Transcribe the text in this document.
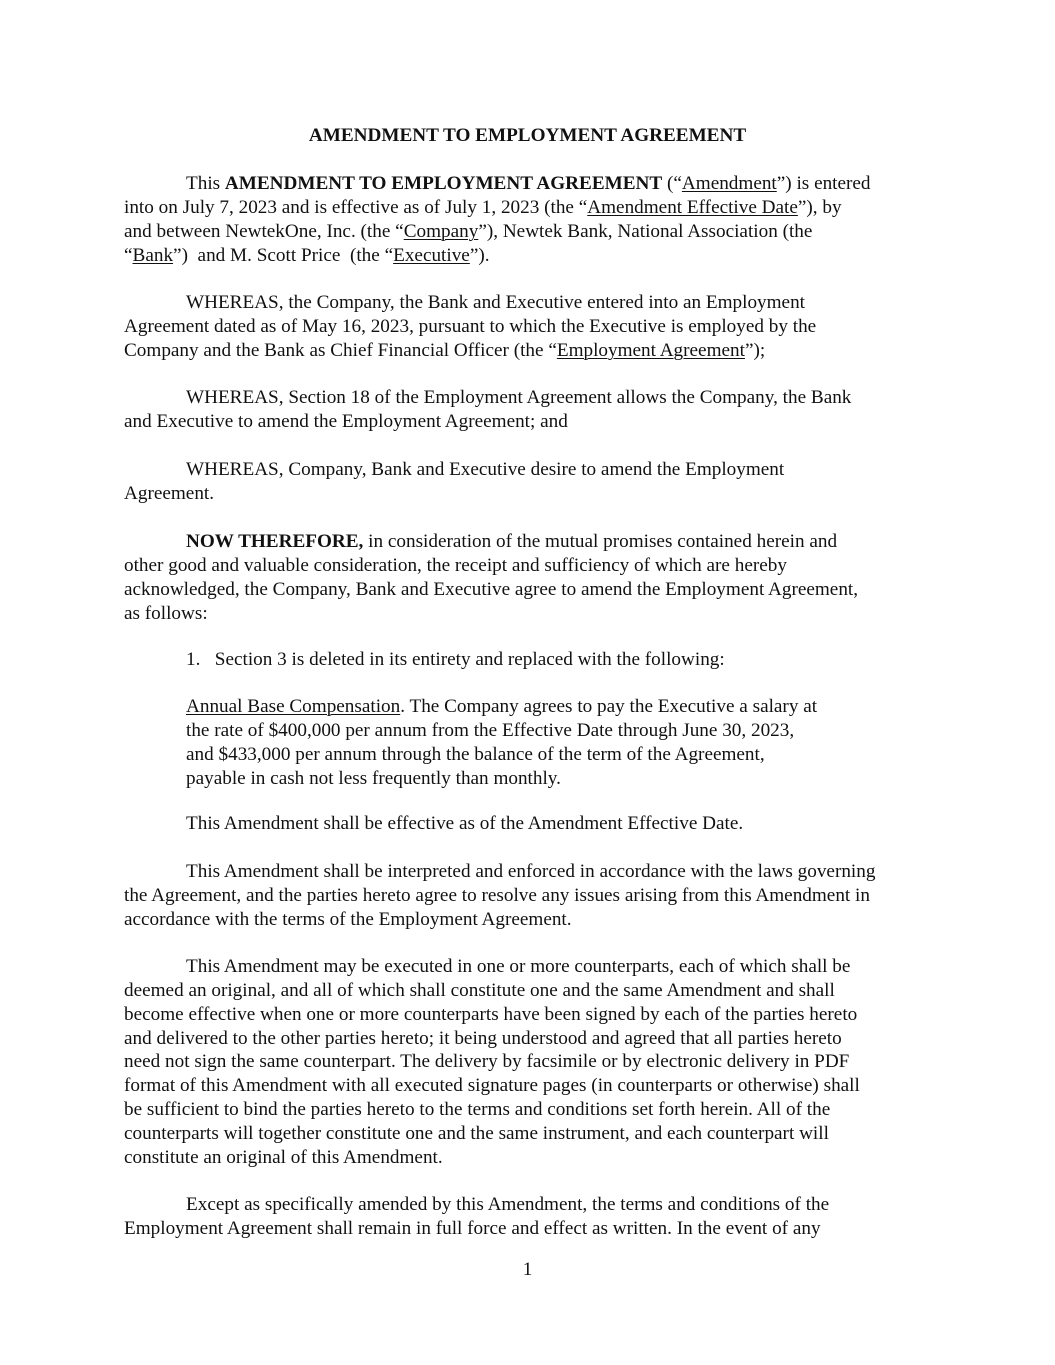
AMENDMENT TO EMPLOYMENT AGREEMENT
This AMENDMENT TO EMPLOYMENT AGREEMENT (“Amendment”) is entered
into on July 7, 2023 and is effective as of July 1, 2023 (the “Amendment Effective Date”), by
and between NewtekOne, Inc. (the “Company”), Newtek Bank, National Association (the
“Bank”)  and M. Scott Price  (the “Executive”).
WHEREAS, the Company, the Bank and Executive entered into an Employment
Agreement dated as of May 16, 2023, pursuant to which the Executive is employed by the
Company and the Bank as Chief Financial Officer (the “Employment Agreement”);
WHEREAS, Section 18 of the Employment Agreement allows the Company, the Bank
and Executive to amend the Employment Agreement; and
WHEREAS, Company, Bank and Executive desire to amend the Employment
Agreement.
NOW THEREFORE, in consideration of the mutual promises contained herein and
other good and valuable consideration, the receipt and sufficiency of which are hereby
acknowledged, the Company, Bank and Executive agree to amend the Employment Agreement,
as follows:
1.   Section 3 is deleted in its entirety and replaced with the following:
Annual Base Compensation. The Company agrees to pay the Executive a salary at
the rate of $400,000 per annum from the Effective Date through June 30, 2023,
and $433,000 per annum through the balance of the term of the Agreement,
payable in cash not less frequently than monthly.
This Amendment shall be effective as of the Amendment Effective Date.
This Amendment shall be interpreted and enforced in accordance with the laws governing
the Agreement, and the parties hereto agree to resolve any issues arising from this Amendment in
accordance with the terms of the Employment Agreement.
This Amendment may be executed in one or more counterparts, each of which shall be
deemed an original, and all of which shall constitute one and the same Amendment and shall
become effective when one or more counterparts have been signed by each of the parties hereto
and delivered to the other parties hereto; it being understood and agreed that all parties hereto
need not sign the same counterpart. The delivery by facsimile or by electronic delivery in PDF
format of this Amendment with all executed signature pages (in counterparts or otherwise) shall
be sufficient to bind the parties hereto to the terms and conditions set forth herein. All of the
counterparts will together constitute one and the same instrument, and each counterpart will
constitute an original of this Amendment.
Except as specifically amended by this Amendment, the terms and conditions of the
Employment Agreement shall remain in full force and effect as written. In the event of any
1
